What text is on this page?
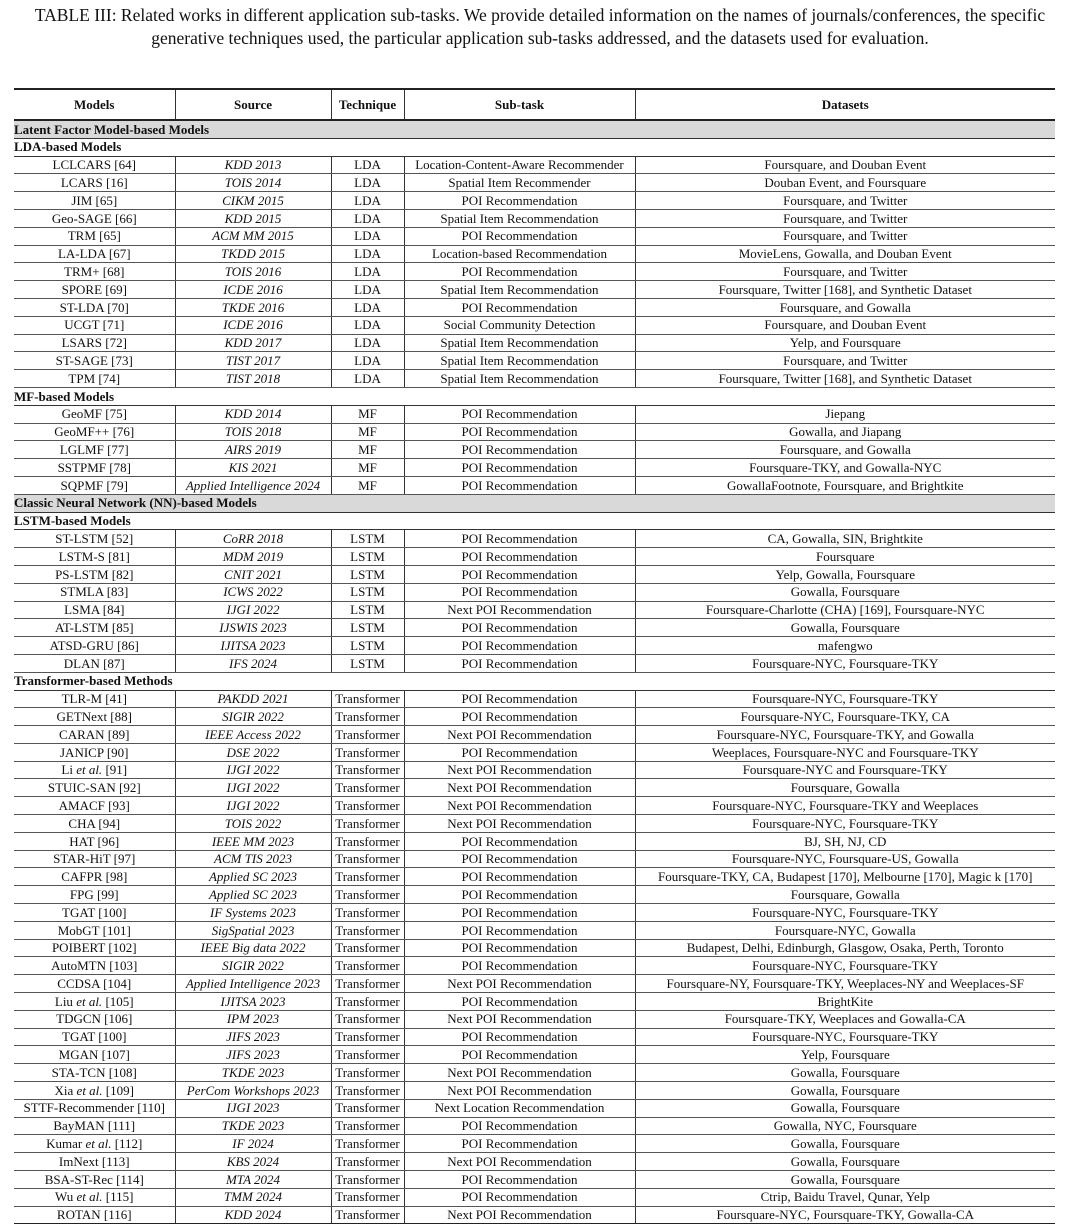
TABLE III: Related works in different application sub-tasks. We provide detailed information on the names of journals/conferences, the specific generative techniques used, the particular application sub-tasks addressed, and the datasets used for evaluation.

Models	Source	Technique	Sub-task	Datasets
Latent Factor Model-based Models				
LDA-based Models				
LCLCARS [64]	KDD 2013	LDA	Location-Content-Aware Recommender	Foursquare, and Douban Event
LCARS [16]	TOIS 2014	LDA	Spatial Item Recommender	Douban Event, and Foursquare
JIM [65]	CIKM 2015	LDA	POI Recommendation	Foursquare, and Twitter
Geo-SAGE [66]	KDD 2015	LDA	Spatial Item Recommendation	Foursquare, and Twitter
TRM [65]	ACM MM 2015	LDA	POI Recommendation	Foursquare, and Twitter
LA-LDA [67]	TKDD 2015	LDA	Location-based Recommendation	MovieLens, Gowalla, and Douban Event
TRM+ [68]	TOIS 2016	LDA	POI Recommendation	Foursquare, and Twitter
SPORE [69]	ICDE 2016	LDA	Spatial Item Recommendation	Foursquare, Twitter [168], and Synthetic Dataset
ST-LDA [70]	TKDE 2016	LDA	POI Recommendation	Foursquare, and Gowalla
UCGT [71]	ICDE 2016	LDA	Social Community Detection	Foursquare, and Douban Event
LSARS [72]	KDD 2017	LDA	Spatial Item Recommendation	Yelp, and Foursquare
ST-SAGE [73]	TIST 2017	LDA	Spatial Item Recommendation	Foursquare, and Twitter
TPM [74]	TIST 2018	LDA	Spatial Item Recommendation	Foursquare, Twitter [168], and Synthetic Dataset
MF-based Models				
GeoMF [75]	KDD 2014	MF	POI Recommendation	Jiepang
GeoMF++ [76]	TOIS 2018	MF	POI Recommendation	Gowalla, and Jiapang
LGLMF [77]	AIRS 2019	MF	POI Recommendation	Foursquare, and Gowalla
SSTPMF [78]	KIS 2021	MF	POI Recommendation	Foursquare-TKY, and Gowalla-NYC
SQPMF [79]	Applied Intelligence 2024	MF	POI Recommendation	GowallaFootnote, Foursquare, and Brightkite
Classic Neural Network (NN)-based Models				
LSTM-based Models				
ST-LSTM [52]	CoRR 2018	LSTM	POI Recommendation	CA, Gowalla, SIN, Brightkite
LSTM-S [81]	MDM 2019	LSTM	POI Recommendation	Foursquare
PS-LSTM [82]	CNIT 2021	LSTM	POI Recommendation	Yelp, Gowalla, Foursquare
STMLA [83]	ICWS 2022	LSTM	POI Recommendation	Gowalla, Foursquare
LSMA [84]	IJGI 2022	LSTM	Next POI Recommendation	Foursquare-Charlotte (CHA) [169], Foursquare-NYC
AT-LSTM [85]	IJSWIS 2023	LSTM	POI Recommendation	Gowalla, Foursquare
ATSD-GRU [86]	IJITSA 2023	LSTM	POI Recommendation	mafengwo
DLAN [87]	IFS 2024	LSTM	POI Recommendation	Foursquare-NYC, Foursquare-TKY
Transformer-based Methods				
TLR-M [41]	PAKDD 2021	Transformer	POI Recommendation	Foursquare-NYC, Foursquare-TKY
GETNext [88]	SIGIR 2022	Transformer	POI Recommendation	Foursquare-NYC, Foursquare-TKY, CA
CARAN [89]	IEEE Access 2022	Transformer	Next POI Recommendation	Foursquare-NYC, Foursquare-TKY, and Gowalla
JANICP [90]	DSE 2022	Transformer	POI Recommendation	Weeplaces, Foursquare-NYC and Foursquare-TKY
Li et al. [91]	IJGI 2022	Transformer	Next POI Recommendation	Foursquare-NYC and Foursquare-TKY
STUIC-SAN [92]	IJGI 2022	Transformer	Next POI Recommendation	Foursquare, Gowalla
AMACF [93]	IJGI 2022	Transformer	Next POI Recommendation	Foursquare-NYC, Foursquare-TKY and Weeplaces
CHA [94]	TOIS 2022	Transformer	Next POI Recommendation	Foursquare-NYC, Foursquare-TKY
HAT [96]	IEEE MM 2023	Transformer	POI Recommendation	BJ, SH, NJ, CD
STAR-HiT [97]	ACM TIS 2023	Transformer	POI Recommendation	Foursquare-NYC, Foursquare-US, Gowalla
CAFPR [98]	Applied SC 2023	Transformer	POI Recommendation	Foursquare-TKY, CA, Budapest [170], Melbourne [170], Magic k [170]
FPG [99]	Applied SC 2023	Transformer	POI Recommendation	Foursquare, Gowalla
TGAT [100]	IF Systems 2023	Transformer	POI Recommendation	Foursquare-NYC, Foursquare-TKY
MobGT [101]	SigSpatial 2023	Transformer	POI Recommendation	Foursquare-NYC, Gowalla
POIBERT [102]	IEEE Big data 2022	Transformer	POI Recommendation	Budapest, Delhi, Edinburgh, Glasgow, Osaka, Perth, Toronto
AutoMTN [103]	SIGIR 2022	Transformer	POI Recommendation	Foursquare-NYC, Foursquare-TKY
CCDSA [104]	Applied Intelligence 2023	Transformer	Next POI Recommendation	Foursquare-NY, Foursquare-TKY, Weeplaces-NY and Weeplaces-SF
Liu et al. [105]	IJITSA 2023	Transformer	POI Recommendation	BrightKite
TDGCN [106]	IPM 2023	Transformer	Next POI Recommendation	Foursquare-TKY, Weeplaces and Gowalla-CA
TGAT [100]	JIFS 2023	Transformer	POI Recommendation	Foursquare-NYC, Foursquare-TKY
MGAN [107]	JIFS 2023	Transformer	POI Recommendation	Yelp, Foursquare
STA-TCN [108]	TKDE 2023	Transformer	Next POI Recommendation	Gowalla, Foursquare
Xia et al. [109]	PerCom Workshops 2023	Transformer	Next POI Recommendation	Gowalla, Foursquare
STTF-Recommender [110]	IJGI 2023	Transformer	Next Location Recommendation	Gowalla, Foursquare
BayMAN [111]	TKDE 2023	Transformer	POI Recommendation	Gowalla, NYC, Foursquare
Kumar et al. [112]	IF 2024	Transformer	POI Recommendation	Gowalla, Foursquare
ImNext [113]	KBS 2024	Transformer	Next POI Recommendation	Gowalla, Foursquare
BSA-ST-Rec [114]	MTA 2024	Transformer	POI Recommendation	Gowalla, Foursquare
Wu et al. [115]	TMM 2024	Transformer	POI Recommendation	Ctrip, Baidu Travel, Qunar, Yelp
ROTAN [116]	KDD 2024	Transformer	Next POI Recommendation	Foursquare-NYC, Foursquare-TKY, Gowalla-CA
